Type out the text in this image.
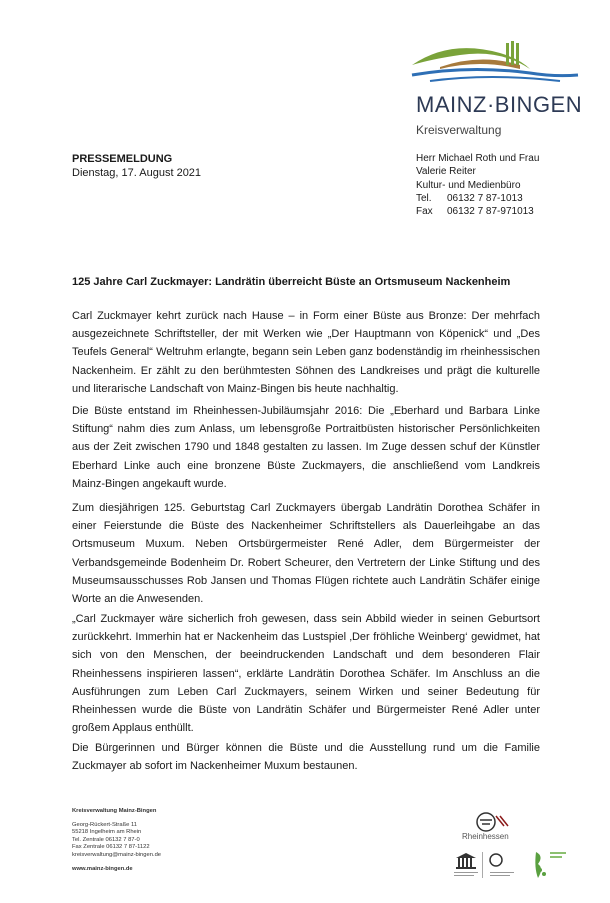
MAINZ·BINGEN
Kreisverwaltung
PRESSEMELDUNG
Dienstag, 17. August 2021
Herr Michael Roth und Frau
Valerie Reiter
Kultur- und Medienbüro
Tel. 06132 7 87-1013
Fax 06132 7 87-971013
125 Jahre Carl Zuckmayer: Landrätin überreicht Büste an Ortsmuseum Nackenheim
Carl Zuckmayer kehrt zurück nach Hause – in Form einer Büste aus Bronze: Der mehrfach ausgezeichnete Schriftsteller, der mit Werken wie „Der Hauptmann von Köpenick“ und „Des Teufels General“ Weltruhm erlangte, begann sein Leben ganz bodenständig im rheinhessischen Nackenheim. Er zählt zu den berühmtesten Söhnen des Landkreises und prägt die kulturelle und literarische Landschaft von Mainz-Bingen bis heute nachhaltig.
Die Büste entstand im Rheinhessen-Jubiläumsjahr 2016: Die „Eberhard und Barbara Linke Stiftung“ nahm dies zum Anlass, um lebensgroße Portraitbüsten historischer Persönlichkeiten aus der Zeit zwischen 1790 und 1848 gestalten zu lassen. Im Zuge dessen schuf der Künstler Eberhard Linke auch eine bronzene Büste Zuckmayers, die anschließend vom Landkreis Mainz-Bingen angekauft wurde.
Zum diesjährigen 125. Geburtstag Carl Zuckmayers übergab Landrätin Dorothea Schäfer in einer Feierstunde die Büste des Nackenheimer Schriftstellers als Dauerleihgabe an das Ortsmuseum Muxum. Neben Ortsbürgermeister René Adler, dem Bürgermeister der Verbandsgemeinde Bodenheim Dr. Robert Scheurer, den Vertretern der Linke Stiftung und des Museumsausschusses Rob Jansen und Thomas Flügen richtete auch Landrätin Schäfer einige Worte an die Anwesenden.
„Carl Zuckmayer wäre sicherlich froh gewesen, dass sein Abbild wieder in seinen Geburtsort zurückkehrt. Immerhin hat er Nackenheim das Lustspiel ‚Der fröhliche Weinberg‘ gewidmet, hat sich von den Menschen, der beeindruckenden Landschaft und dem besonderen Flair Rheinhessens inspirieren lassen“, erklärte Landrätin Dorothea Schäfer. Im Anschluss an die Ausführungen zum Leben Carl Zuckmayers, seinem Wirken und seiner Bedeutung für Rheinhessen wurde die Büste von Landrätin Schäfer und Bürgermeister René Adler unter großem Applaus enthüllt.
Die Bürgerinnen und Bürger können die Büste und die Ausstellung rund um die Familie Zuckmayer ab sofort im Nackenheimer Muxum bestaunen.
Kreisverwaltung Mainz-Bingen
Georg-Rückert-Straße 11
55218 Ingelheim am Rhein
Tel. Zentrale 06132 7 87-0
Fax Zentrale 06132 7 87-1122
kreisverwaltung@mainz-bingen.de
www.mainz-bingen.de
Rheinhessen
